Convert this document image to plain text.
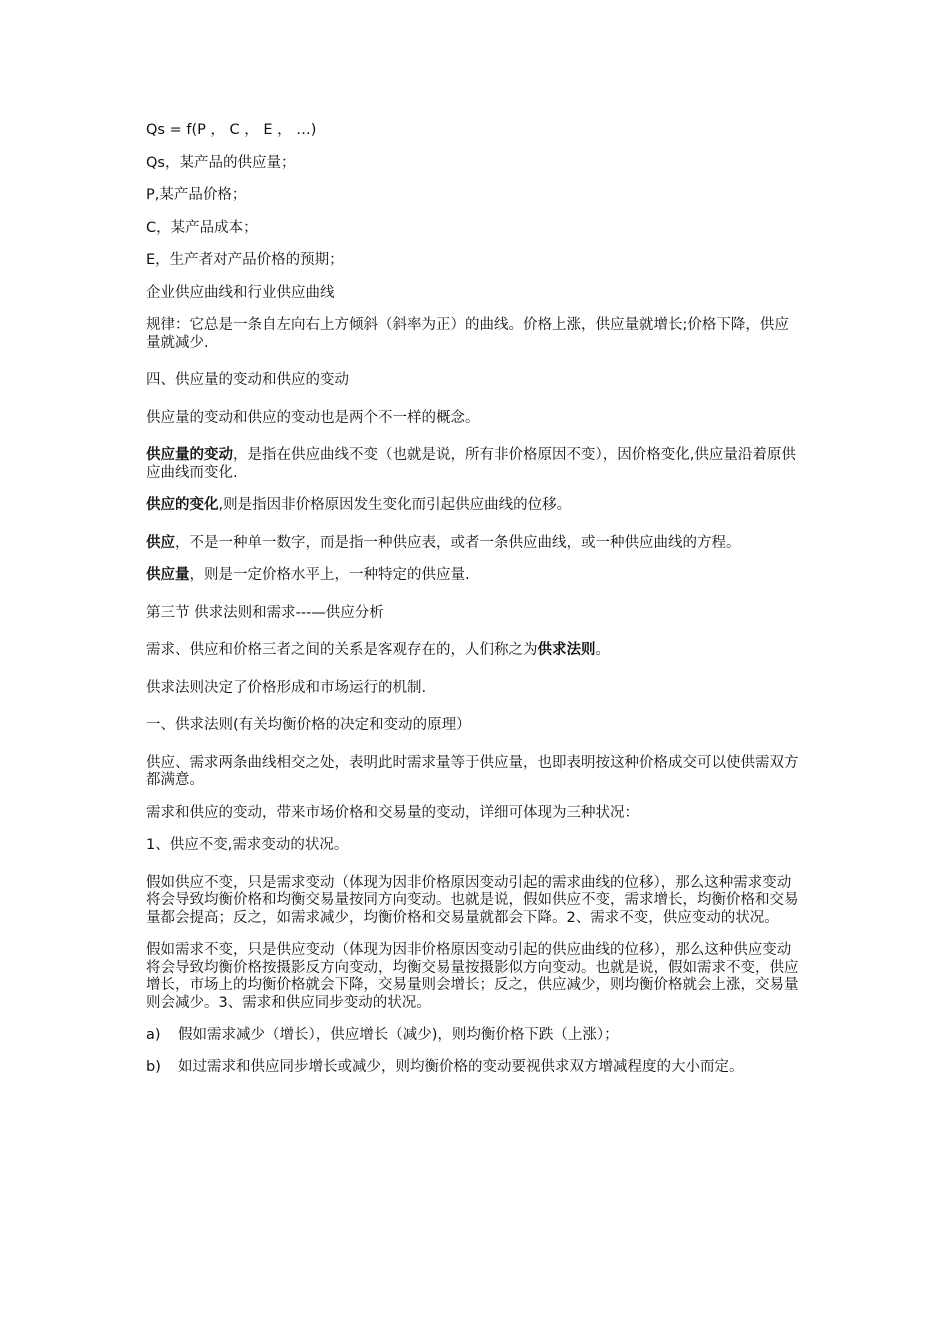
Qs = f(P ， C ， E ， …)

Qs，某产品的供应量；

P,某产品价格；

C，某产品成本；

E，生产者对产品价格的预期；

企业供应曲线和行业供应曲线

规律：它总是一条自左向右上方倾斜（斜率为正）的曲线。价格上涨，供应量就增长;价格下降，供应量就减少.

四、供应量的变动和供应的变动

供应量的变动和供应的变动也是两个不一样的概念。

供应量的变动，是指在供应曲线不变（也就是说，所有非价格原因不变），因价格变化,供应量沿着原供应曲线而变化.

供应的变化,则是指因非价格原因发生变化而引起供应曲线的位移。

供应，不是一种单一数字，而是指一种供应表，或者一条供应曲线，或一种供应曲线的方程。

供应量，则是一定价格水平上，一种特定的供应量.

第三节 供求法则和需求---—供应分析

需求、供应和价格三者之间的关系是客观存在的，人们称之为供求法则。

供求法则决定了价格形成和市场运行的机制.

一、供求法则(有关均衡价格的决定和变动的原理）

供应、需求两条曲线相交之处，表明此时需求量等于供应量，也即表明按这种价格成交可以使供需双方都满意。

需求和供应的变动，带来市场价格和交易量的变动，详细可体现为三种状况：

1、供应不变,需求变动的状况。

假如供应不变，只是需求变动（体现为因非价格原因变动引起的需求曲线的位移），那么这种需求变动将会导致均衡价格和均衡交易量按同方向变动。也就是说，假如供应不变，需求增长，均衡价格和交易量都会提高；反之，如需求减少，均衡价格和交易量就都会下降。2、需求不变，供应变动的状况。

假如需求不变，只是供应变动（体现为因非价格原因变动引起的供应曲线的位移），那么这种供应变动将会导致均衡价格按摄影反方向变动，均衡交易量按摄影似方向变动。也就是说，假如需求不变，供应增长，市场上的均衡价格就会下降，交易量则会增长；反之，供应减少，则均衡价格就会上涨，交易量则会减少。3、需求和供应同步变动的状况。

a)	假如需求减少（增长），供应增长（减少)，则均衡价格下跌（上涨）；
b)	如过需求和供应同步增长或减少，则均衡价格的变动要视供求双方增减程度的大小而定。
